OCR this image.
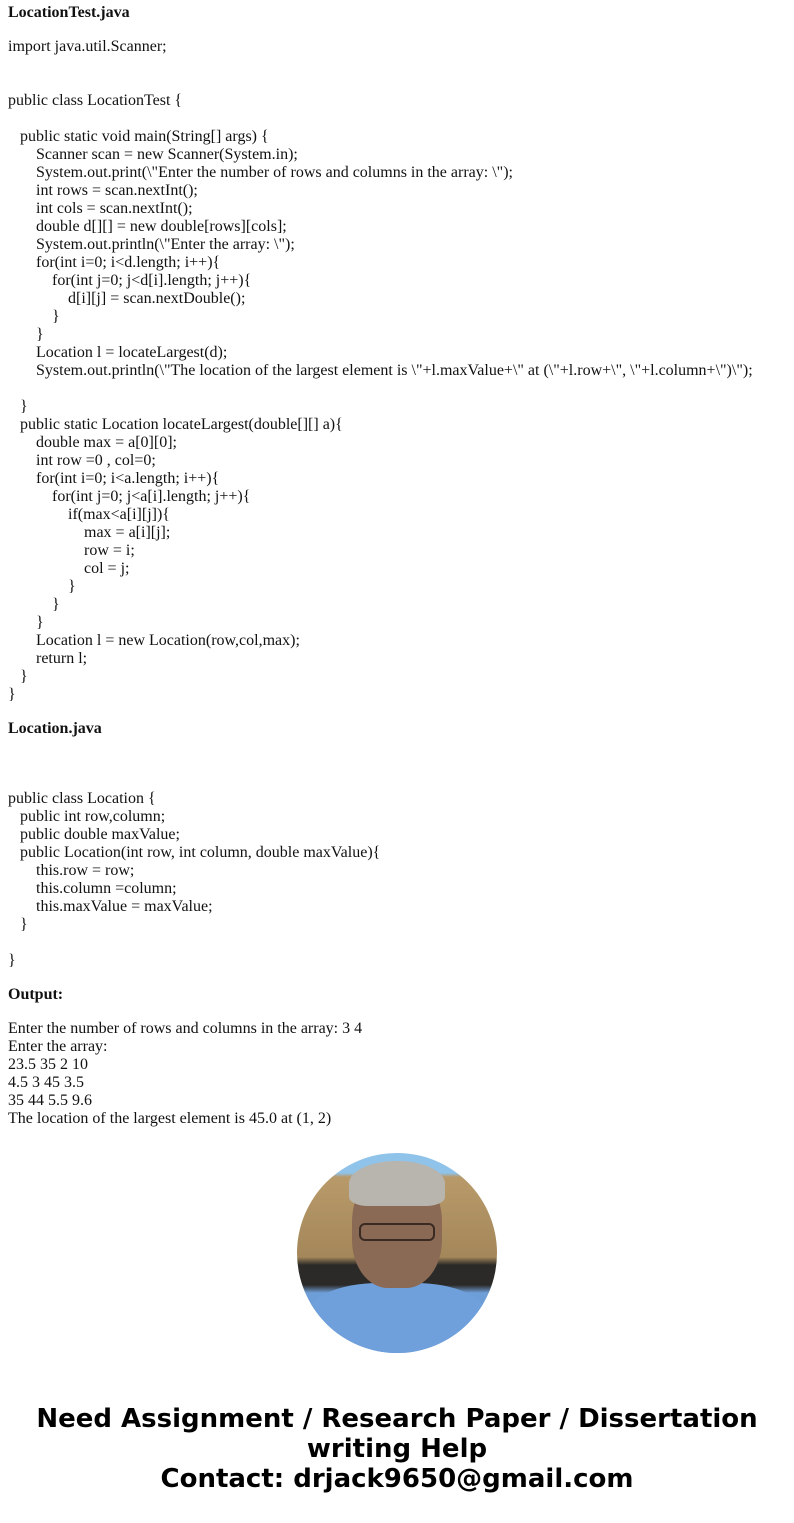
LocationTest.java
import java.util.Scanner;
public class LocationTest {
public static void main(String[] args) {
Scanner scan = new Scanner(System.in);
System.out.print(\"Enter the number of rows and columns in the array: \");
int rows = scan.nextInt();
int cols = scan.nextInt();
double d[][] = new double[rows][cols];
System.out.println(\"Enter the array: \");
for(int i=0; i<d.length; i++){
for(int j=0; j<d[i].length; j++){
d[i][j] = scan.nextDouble();
}
}
Location l = locateLargest(d);
System.out.println(\"The location of the largest element is \"+l.maxValue+\" at (\"+l.row+\", \"+l.column+\")\");
}
public static Location locateLargest(double[][] a){
double max = a[0][0];
int row =0 , col=0;
for(int i=0; i<a.length; i++){
for(int j=0; j<a[i].length; j++){
if(max<a[i][j]){
max = a[i][j];
row = i;
col = j;
}
}
}
Location l = new Location(row,col,max);
return l;
}
}
Location.java
public class Location {
public int row,column;
public double maxValue;
public Location(int row, int column, double maxValue){
this.row = row;
this.column =column;
this.maxValue = maxValue;
}
}
Output:
Enter the number of rows and columns in the array: 3 4
Enter the array:
23.5 35 2 10
4.5 3 45 3.5
35 44 5.5 9.6
The location of the largest element is 45.0 at (1, 2)
Need Assignment / Research Paper / Dissertation
writing Help
Contact: drjack9650@gmail.com
